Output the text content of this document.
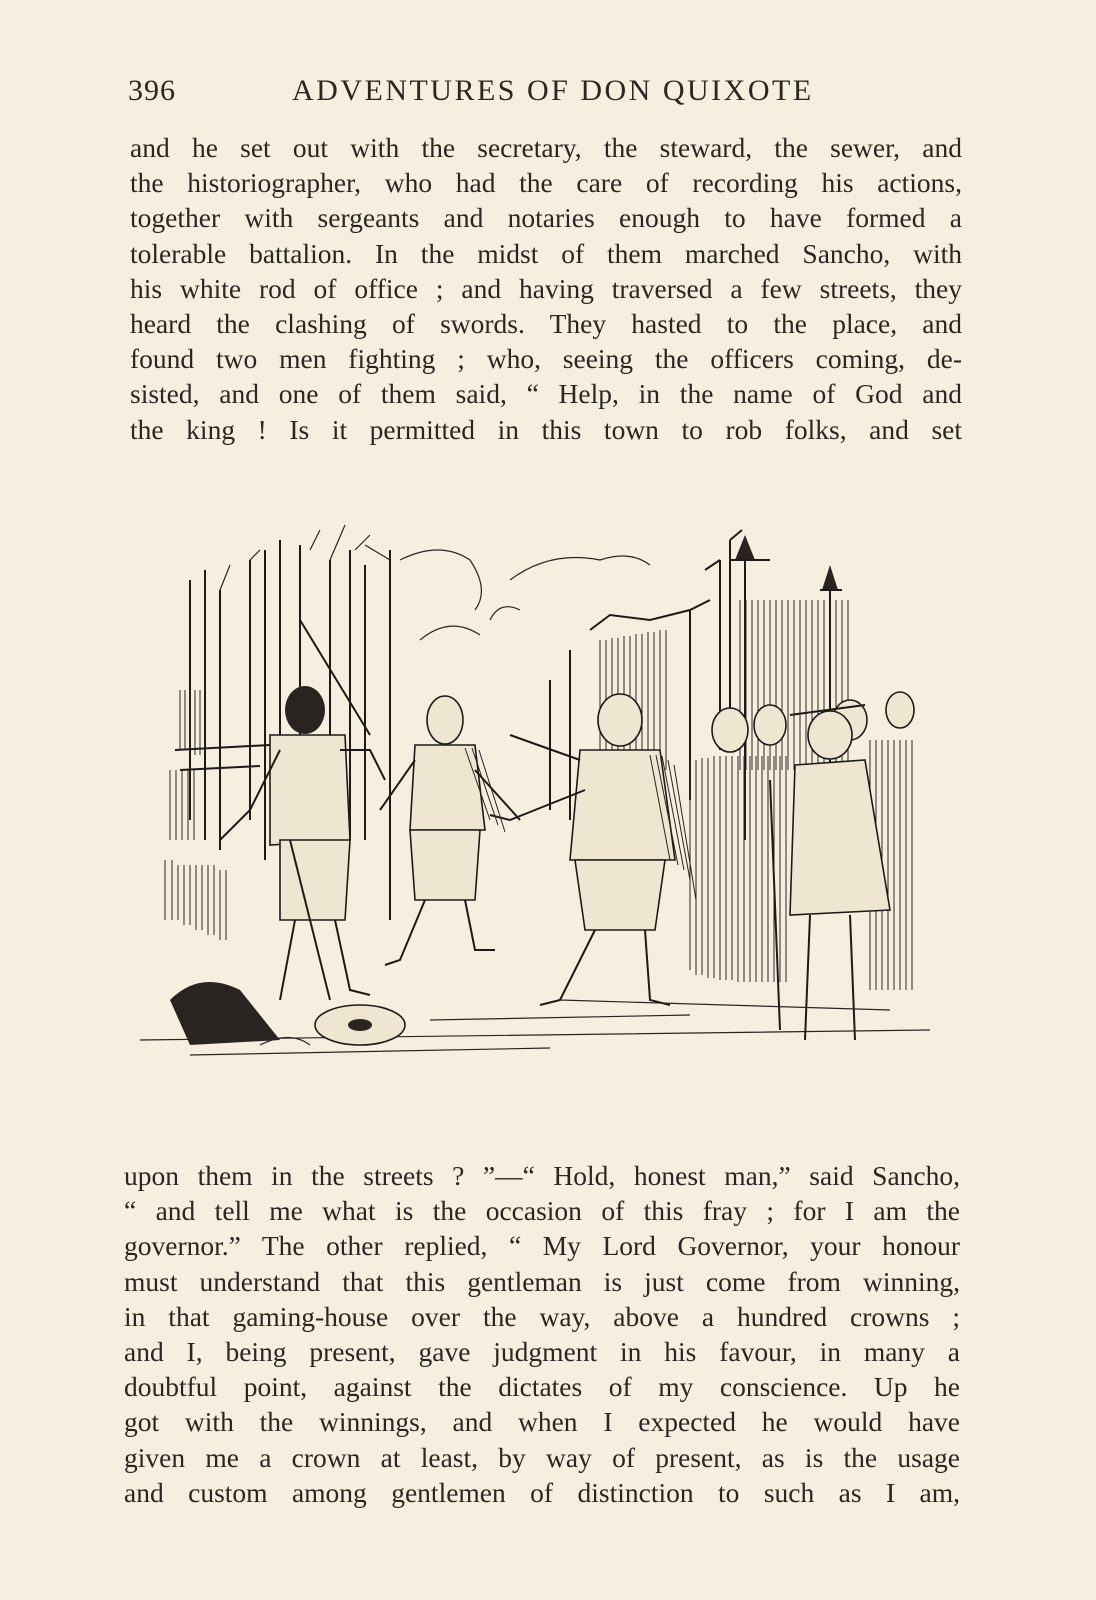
396	ADVENTURES OF DON QUIXOTE
and he set out with the secretary, the steward, the sewer, and
the historiographer, who had the care of recording his actions,
together with sergeants and notaries enough to have formed a
tolerable battalion. In the midst of them marched Sancho, with
his white rod of office ; and having traversed a few streets, they
heard the clashing of swords. They hasted to the place, and
found two men fighting ; who, seeing the officers coming, de-
sisted, and one of them said, “ Help, in the name of God and
the king ! Is it permitted in this town to rob folks, and set
upon them in the streets ? ”—“ Hold, honest man,” said Sancho,
“ and tell me what is the occasion of this fray ; for I am the
governor.” The other replied, “ My Lord Governor, your honour
must understand that this gentleman is just come from winning,
in that gaming-house over the way, above a hundred crowns ;
and I, being present, gave judgment in his favour, in many a
doubtful point, against the dictates of my conscience. Up he
got with the winnings, and when I expected he would have
given me a crown at least, by way of present, as is the usage
and custom among gentlemen of distinction to such as I am,
